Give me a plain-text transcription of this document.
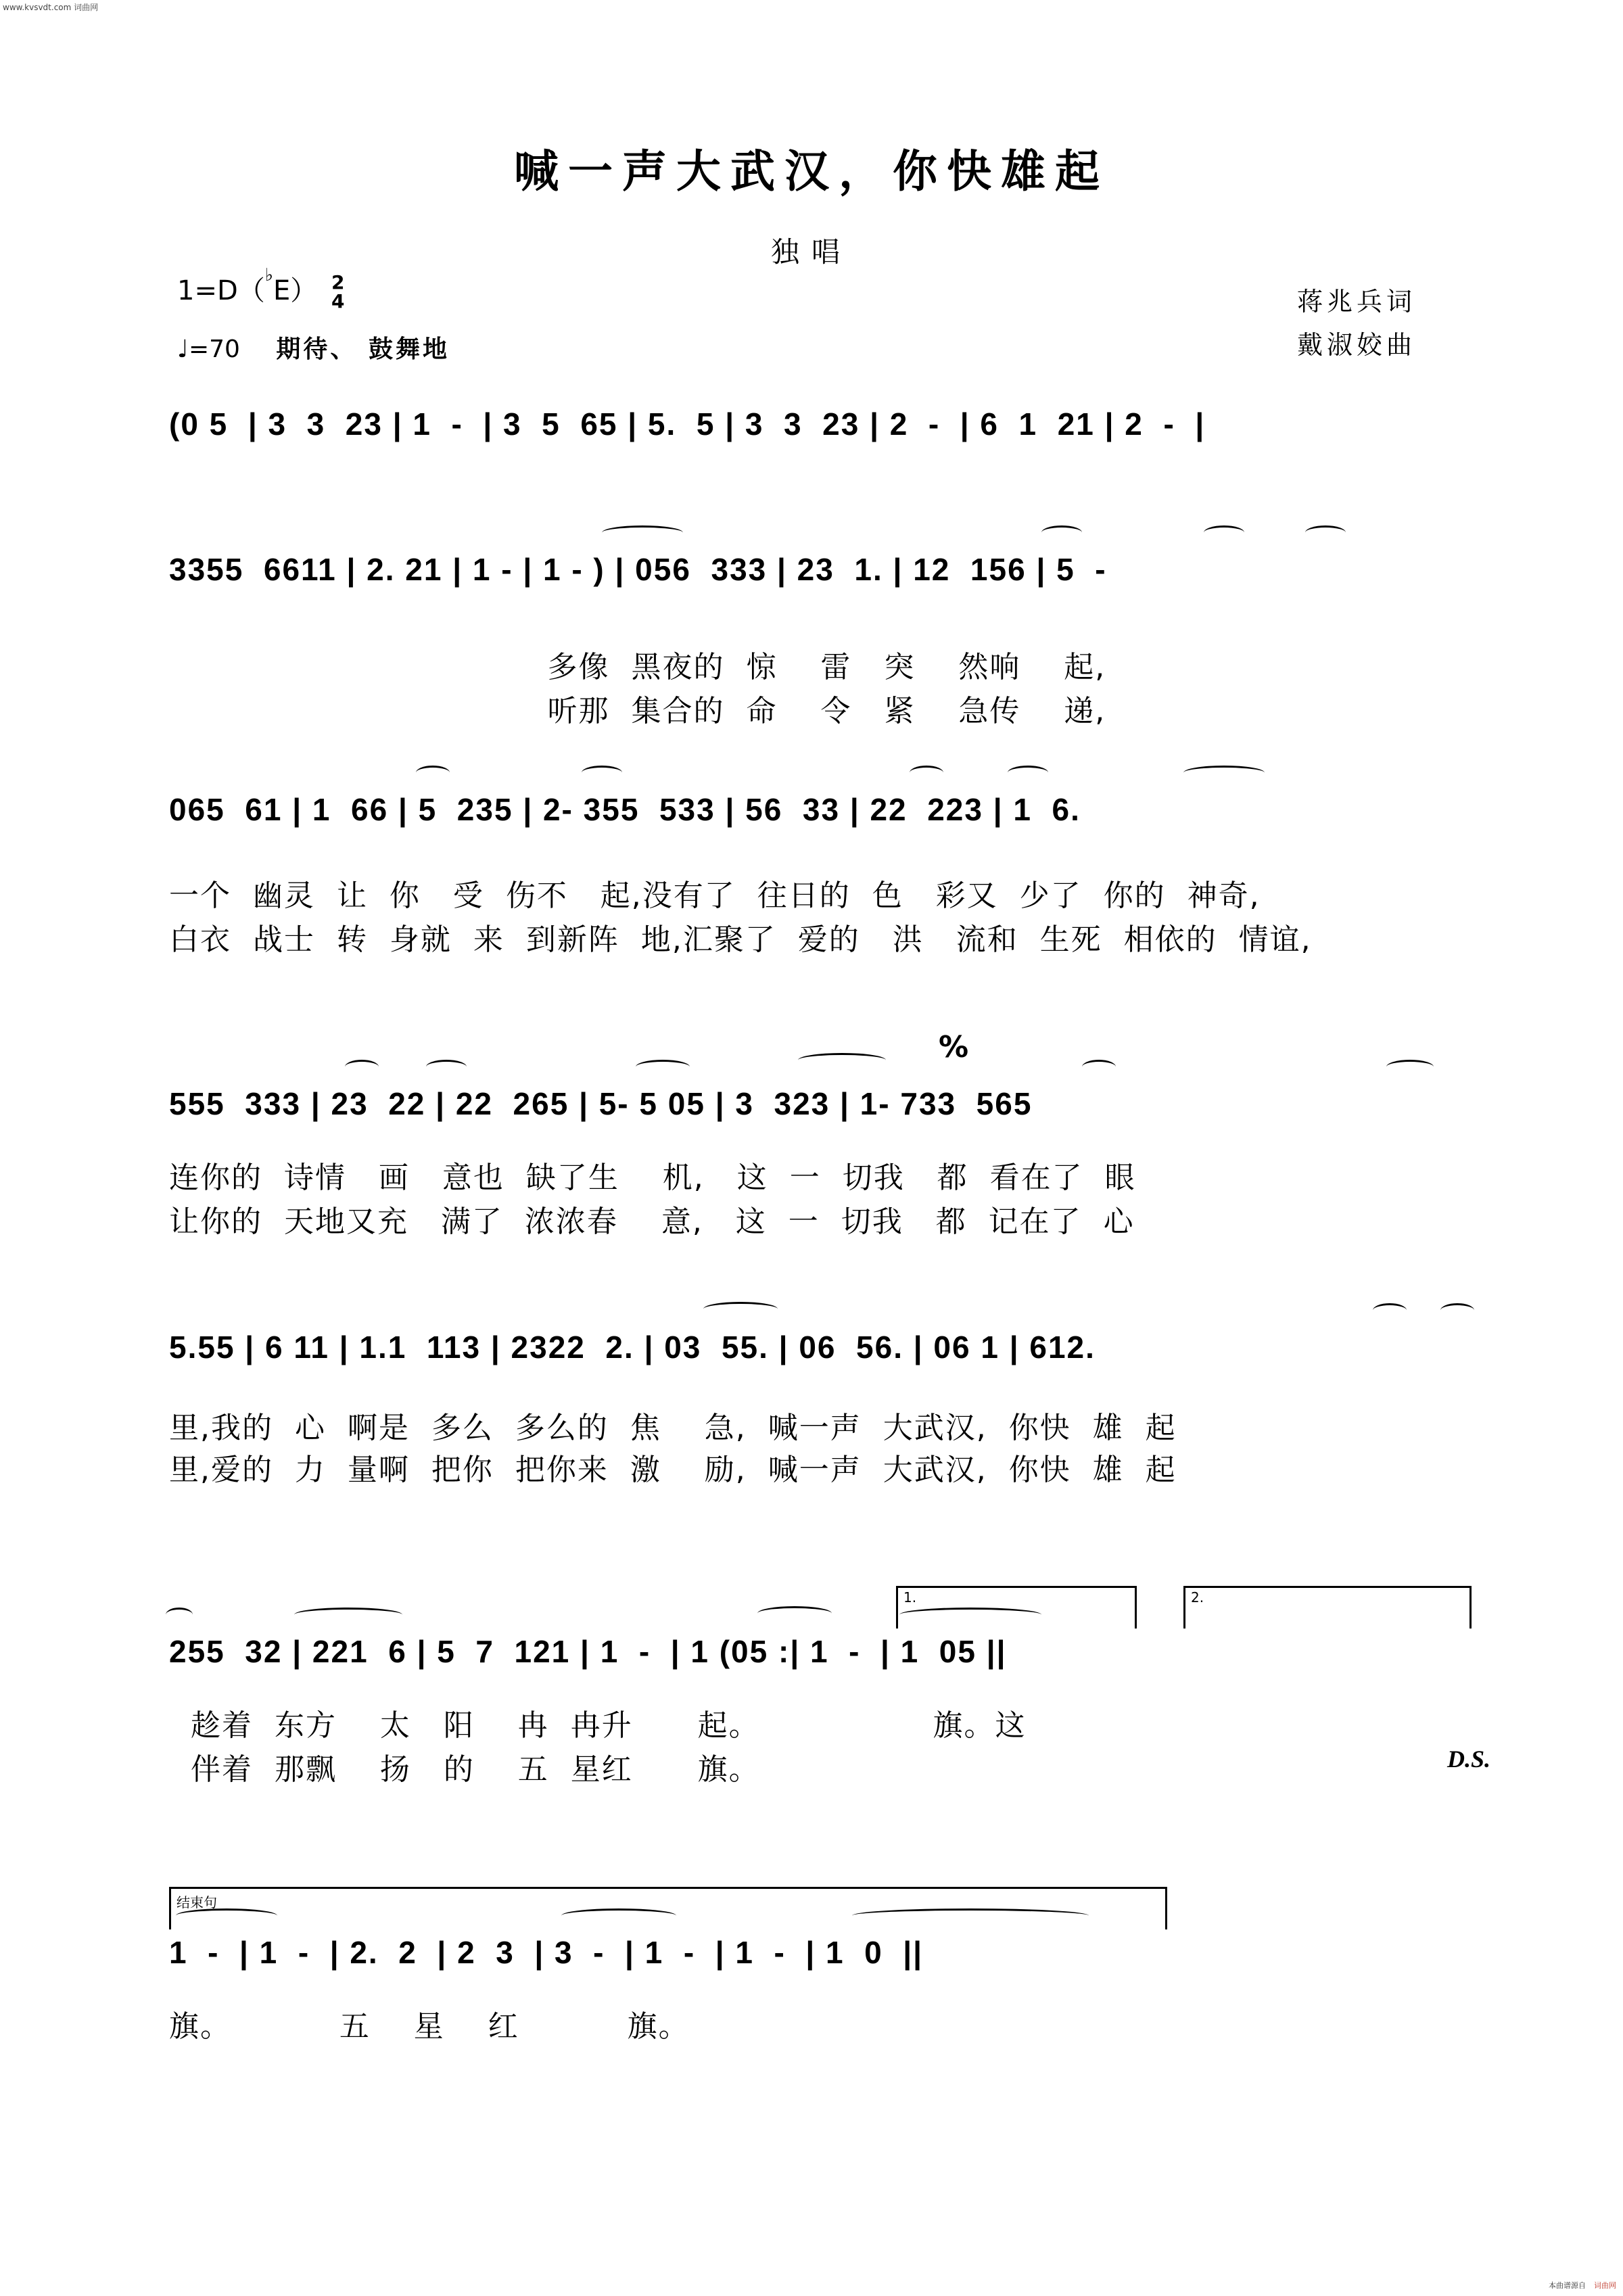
www.kvsvdt.com 词曲网
喊一声大武汉，你快雄起
独唱
1=D（♭E） 2
4
♩=70 期待、 鼓舞地
蒋兆兵词
戴淑姣曲
(0 5  | 3  3  23 | 1  -  | 3  5  65 | 5.  5 | 3  3  23 | 2  -  | 6  1  21 | 2  -  |
3355  6611 | 2. 21 | 1 - | 1 - ) | 056  333 | 23  1. | 12  156 | 5  -
多像  黑夜的  惊    雷   突    然响    起,
听那  集合的  命    令   紧    急传    递,
065  61 | 1  66 | 5  235 | 2- 355  533 | 56  33 | 22  223 | 1  6.
一个  幽灵  让  你   受  伤不   起,没有了  往日的  色   彩又  少了  你的  神奇,
白衣  战士  转  身就  来  到新阵  地,汇聚了  爱的   洪   流和  生死  相依的  情谊,
%
555  333 | 23  22 | 22  265 | 5- 5 05 | 3  323 | 1- 733  565
连你的  诗情   画   意也  缺了生    机,   这  一  切我   都  看在了  眼
让你的  天地又充   满了  浓浓春    意,   这  一  切我   都  记在了  心
5.55 | 6 11 | 1.1  113 | 2322  2. | 03  55. | 06  56. | 06 1 | 612.
里,我的  心  啊是  多么  多么的  焦    急,  喊一声  大武汉,  你快  雄  起
里,爱的  力  量啊  把你  把你来  激    励,  喊一声  大武汉,  你快  雄  起
1.	2.
255  32 | 221  6 | 5  7  121 | 1  -  | 1 (05 :| 1  -  | 1  05 ||
趁着  东方    太   阳    冉  冉升      起。                旗。这
伴着  那飘    扬   的    五  星红      旗。	D.S.
结束句
1  -  | 1  -  | 2.  2  | 2  3  | 3  -  | 1  -  | 1  -  | 1  0  ||
旗。          五    星    红          旗。
本曲谱源自 词曲网
